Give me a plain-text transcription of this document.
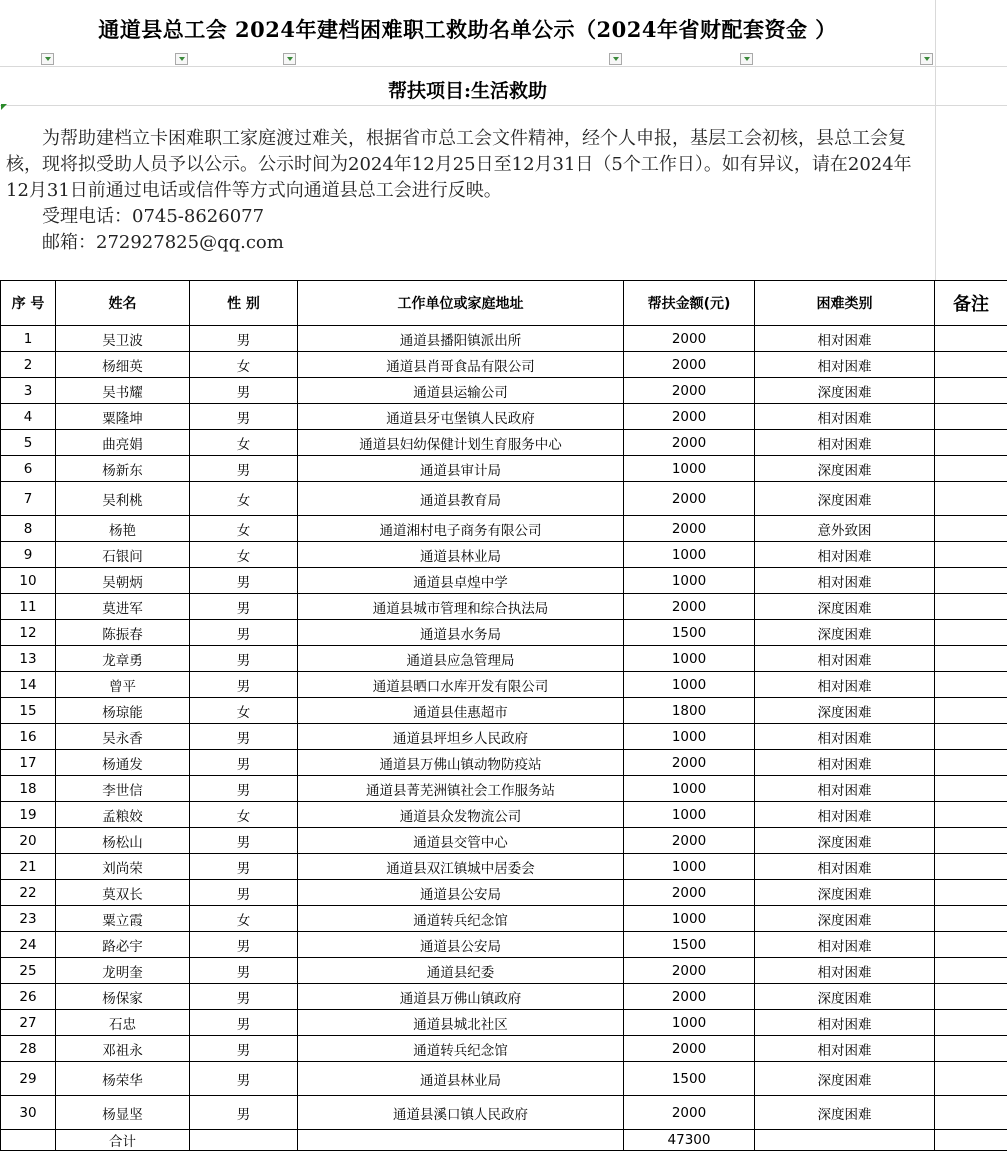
通道县总工会 2024年建档困难职工救助名单公示（2024年省财配套资金 ）
帮扶项目:生活救助

为帮助建档立卡困难职工家庭渡过难关，根据省市总工会文件精神，经个人申报，基层工会初核，县总工会复核，现将拟受助人员予以公示。公示时间为2024年12月25日至12月31日（5个工作日）。如有异议，请在2024年12月31日前通过电话或信件等方式向通道县总工会进行反映。

受理电话：0745-8626077

邮箱：272927825@qq.com

序 号	姓名	性 别	工作单位或家庭地址	帮扶金额(元)	困难类别	备注
1	吴卫波	男	通道县播阳镇派出所	2000	相对困难	
2	杨细英	女	通道县肖哥食品有限公司	2000	相对困难	
3	吴书耀	男	通道县运输公司	2000	深度困难	
4	粟隆坤	男	通道县牙屯堡镇人民政府	2000	相对困难	
5	曲亮娟	女	通道县妇幼保健计划生育服务中心	2000	相对困难	
6	杨新东	男	通道县审计局	1000	深度困难	
7	吴利桃	女	通道县教育局	2000	深度困难	
8	杨艳	女	通道湘村电子商务有限公司	2000	意外致困	
9	石银问	女	通道县林业局	1000	相对困难	
10	吴朝炳	男	通道县卓煌中学	1000	相对困难	
11	莫进军	男	通道县城市管理和综合执法局	2000	深度困难	
12	陈振春	男	通道县水务局	1500	深度困难	
13	龙章勇	男	通道县应急管理局	1000	相对困难	
14	曾平	男	通道县晒口水库开发有限公司	1000	相对困难	
15	杨琼能	女	通道县佳惠超市	1800	深度困难	
16	吴永香	男	通道县坪坦乡人民政府	1000	相对困难	
17	杨通发	男	通道县万佛山镇动物防疫站	2000	相对困难	
18	李世信	男	通道县菁芜洲镇社会工作服务站	1000	相对困难	
19	孟粮姣	女	通道县众发物流公司	1000	相对困难	
20	杨松山	男	通道县交管中心	2000	深度困难	
21	刘尚荣	男	通道县双江镇城中居委会	1000	相对困难	
22	莫双长	男	通道县公安局	2000	深度困难	
23	粟立霞	女	通道转兵纪念馆	1000	深度困难	
24	路必宇	男	通道县公安局	1500	相对困难	
25	龙明奎	男	通道县纪委	2000	相对困难	
26	杨保家	男	通道县万佛山镇政府	2000	深度困难	
27	石忠	男	通道县城北社区	1000	相对困难	
28	邓祖永	男	通道转兵纪念馆	2000	相对困难	
29	杨荣华	男	通道县林业局	1500	深度困难	
30	杨显坚	男	通道县溪口镇人民政府	2000	深度困难	
	合计			47300		
